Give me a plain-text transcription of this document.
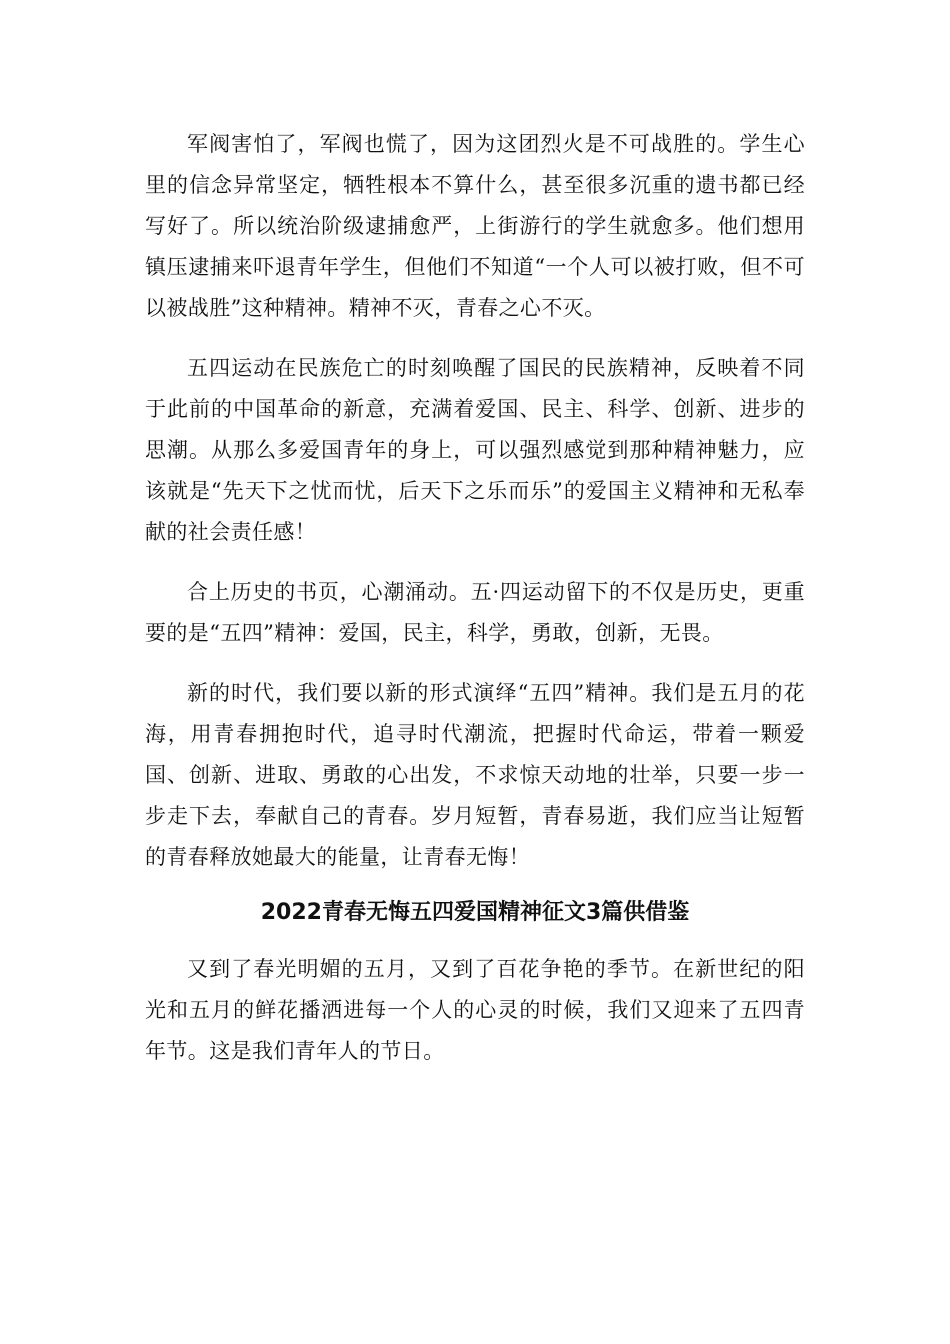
军阀害怕了，军阀也慌了，因为这团烈火是不可战胜的。学生心里的信念异常坚定，牺牲根本不算什么，甚至很多沉重的遗书都已经写好了。所以统治阶级逮捕愈严，上街游行的学生就愈多。他们想用镇压逮捕来吓退青年学生，但他们不知道“一个人可以被打败，但不可以被战胜”这种精神。精神不灭，青春之心不灭。

五四运动在民族危亡的时刻唤醒了国民的民族精神，反映着不同于此前的中国革命的新意，充满着爱国、民主、科学、创新、进步的思潮。从那么多爱国青年的身上，可以强烈感觉到那种精神魅力，应该就是“先天下之忧而忧，后天下之乐而乐”的爱国主义精神和无私奉献的社会责任感！

合上历史的书页，心潮涌动。五·四运动留下的不仅是历史，更重要的是“五四”精神：爱国，民主，科学，勇敢，创新，无畏。

新的时代，我们要以新的形式演绎“五四”精神。我们是五月的花海，用青春拥抱时代，追寻时代潮流，把握时代命运，带着一颗爱国、创新、进取、勇敢的心出发，不求惊天动地的壮举，只要一步一步走下去，奉献自己的青春。岁月短暂，青春易逝，我们应当让短暂的青春释放她最大的能量，让青春无悔！

2022青春无悔五四爱国精神征文3篇供借鉴

又到了春光明媚的五月，又到了百花争艳的季节。在新世纪的阳光和五月的鲜花播洒进每一个人的心灵的时候，我们又迎来了五四青年节。这是我们青年人的节日。
